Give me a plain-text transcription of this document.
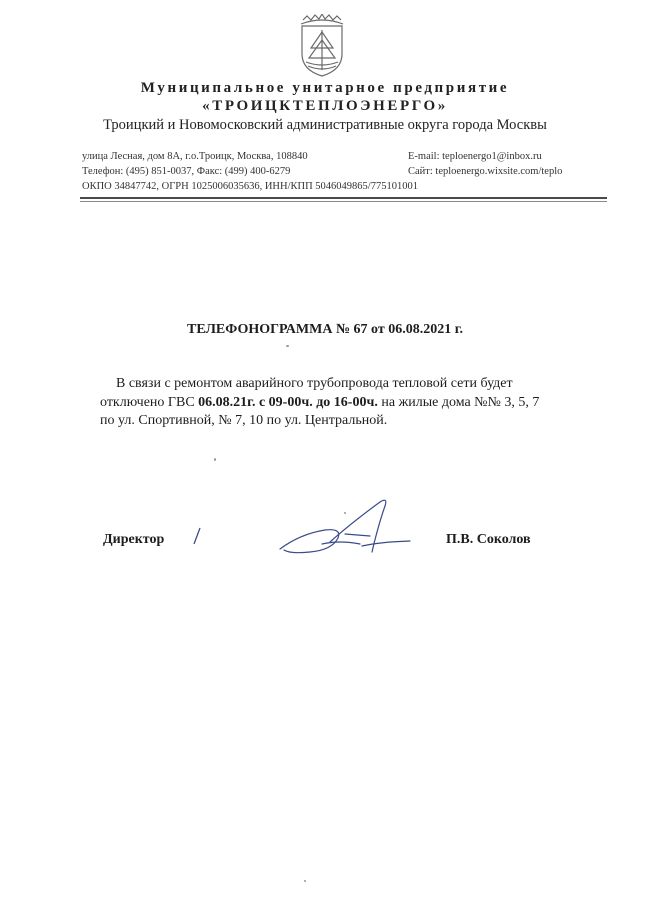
Муниципальное унитарное предприятие
«ТРОИЦКТЕПЛОЭНЕРГО»
Троицкий и Новомосковский административные округа города Москвы
улица Лесная, дом 8А, г.о.Троицк, Москва, 108840
Телефон: (495) 851-0037, Факс: (499) 400-6279
ОКПО 34847742, ОГРН 1025006035636, ИНН/КПП 5046049865/775101001
E-mail: teploenergo1@inbox.ru
Сайт: teploenergo.wixsite.com/teplo
ТЕЛЕФОНОГРАММА № 67 от 06.08.2021 г.
В связи с ремонтом аварийного трубопровода тепловой сети будет
отключено ГВС 06.08.21г. с 09-00ч. до 16-00ч. на жилые дома №№ 3, 5, 7
по ул. Спортивной, № 7, 10 по ул. Центральной.
Директор	П.В. Соколов
